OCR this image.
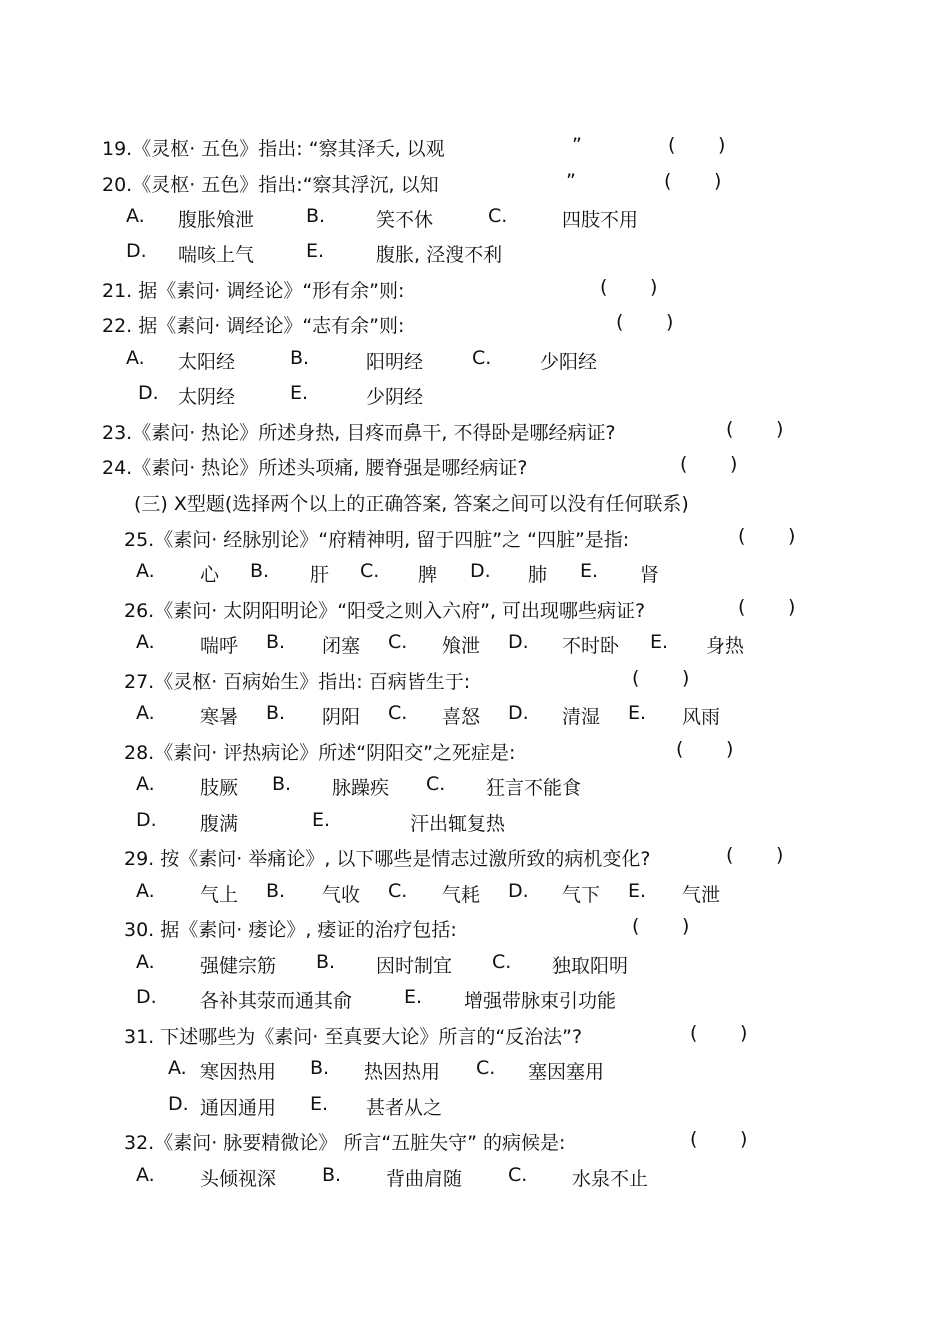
19.《灵枢· 五色》指出: “察其泽夭, 以观	”	( )
20.《灵枢· 五色》指出:“察其浮沉, 以知	”	( )
A. 腹胀飧泄	B.	笑不休	C.	四肢不用
D. 喘咳上气	E.	腹胀, 泾溲不利
21. 据《素问· 调经论》“形有余”则:	( )
22. 据《素问· 调经论》“志有余”则:	( )
A. 太阳经	B.	阳明经	C.	少阳经
D. 太阴经	E.	少阴经
23.《素问· 热论》所述身热, 目疼而鼻干, 不得卧是哪经病证?	( )
24.《素问· 热论》所述头项痛, 腰脊强是哪经病证?	( )
(三) X型题(选择两个以上的正确答案, 答案之间可以没有任何联系)
25.《素问· 经脉别论》“府精神明, 留于四脏”之 “四脏”是指:	( )
A. 心 B. 肝 C. 脾 D. 肺 E. 肾
26.《素问· 太阴阳明论》“阳受之则入六府”, 可出现哪些病证?	( )
A. 喘呼 B. 闭塞 C. 飧泄 D. 不时卧 E. 身热
27.《灵枢· 百病始生》指出: 百病皆生于:	( )
A. 寒暑 B. 阴阳 C. 喜怒 D. 清湿 E. 风雨
28.《素问· 评热病论》所述“阴阳交”之死症是:	( )
A. 肢厥 B. 脉躁疾 C. 狂言不能食
D. 腹满	E.	汗出辄复热
29. 按《素问· 举痛论》, 以下哪些是情志过激所致的病机变化?	( )
A. 气上 B. 气收 C. 气耗 D. 气下 E. 气泄
30. 据《素问· 痿论》, 痿证的治疗包括:	( )
A. 强健宗筋 B. 因时制宜 C. 独取阳明
D. 各补其荥而通其俞	E. 增强带脉束引功能
31. 下述哪些为《素问· 至真要大论》所言的“反治法”?	( )
A. 寒因热用 B. 热因热用 C. 塞因塞用
D. 通因通用 E. 甚者从之
32.《素问· 脉要精微论》 所言“五脏失守” 的病候是:	( )
A. 头倾视深 B. 背曲肩随 C. 水泉不止
